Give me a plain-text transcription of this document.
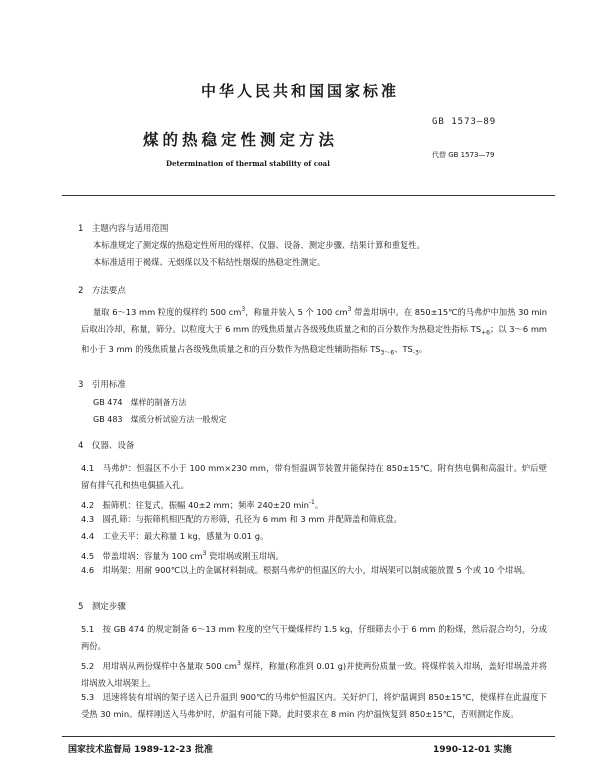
中华人民共和国国家标准
煤的热稳定性测定方法
Determination of thermal stability of coal
GB 1573—89
代替 GB 1573—79
1　主题内容与适用范围
本标准规定了测定煤的热稳定性所用的煤样、仪器、设备、测定步骤、结果计算和重复性。
本标准适用于褐煤、无烟煤以及不粘结性烟煤的热稳定性测定。
2　方法要点
量取 6～13 mm 粒度的煤样约 500 $cm^3$，称量并装入 5 个 100 $cm^3$ 带盖坩埚中。在 850±15℃的马弗炉中加热 30 min 后取出冷却，称量，筛分。以粒度大于 6 mm 的残焦质量占各级残焦质量之和的百分数作为热稳定性指标 $TS_{+6}$；以 3～6 mm 和小于 3 mm 的残焦质量占各级残焦质量之和的百分数作为热稳定性辅助指标 $TS_{3\sim 6}$、$TS_{-3}$。
3　引用标准
GB 474　煤样的制备方法
GB 483　煤质分析试验方法一般规定
4　仪器、设备
4.1　马弗炉：恒温区不小于 100 mm×230 mm，带有恒温调节装置并能保持在 850±15℃。附有热电偶和高温计。炉后壁留有排气孔和热电偶插入孔。
4.2　振筛机：往复式，振幅 40±2 mm；频率 240±20 $\min^{-1}$。
4.3　圆孔筛：与振筛机相匹配的方形筛，孔径为 6 mm 和 3 mm 并配筛盖和筛底盘。
4.4　工业天平：最大称量 1 kg，感量为 0.01 g。
4.5　带盖坩埚：容量为 100 $cm^3$ 瓷坩埚或刚玉坩埚。
4.6　坩埚架：用耐 900℃以上的金属材料制成。根据马弗炉的恒温区的大小，坩埚架可以制成能放置 5 个或 10 个坩埚。
5　测定步骤
5.1　按 GB 474 的规定制备 6～13 mm 粒度的空气干燥煤样约 1.5 kg，仔细筛去小于 6 mm 的粉煤，然后混合均匀，分成两份。
5.2　用坩埚从两份煤样中各量取 500 $cm^3$ 煤样，称量(称准到 0.01 g)并使两份质量一致。将煤样装入坩埚，盖好坩埚盖并将坩埚放入坩埚架上。
5.3　迅速将装有坩埚的架子送入已升温到 900℃的马弗炉恒温区内。关好炉门，将炉温调到 850±15℃，使煤样在此温度下受热 30 min。煤样刚送入马弗炉时，炉温有可能下降。此时要求在 8 min 内炉温恢复到 850±15℃，否则测定作废。
国家技术监督局 1989-12-23 批准	1990-12-01 实施
